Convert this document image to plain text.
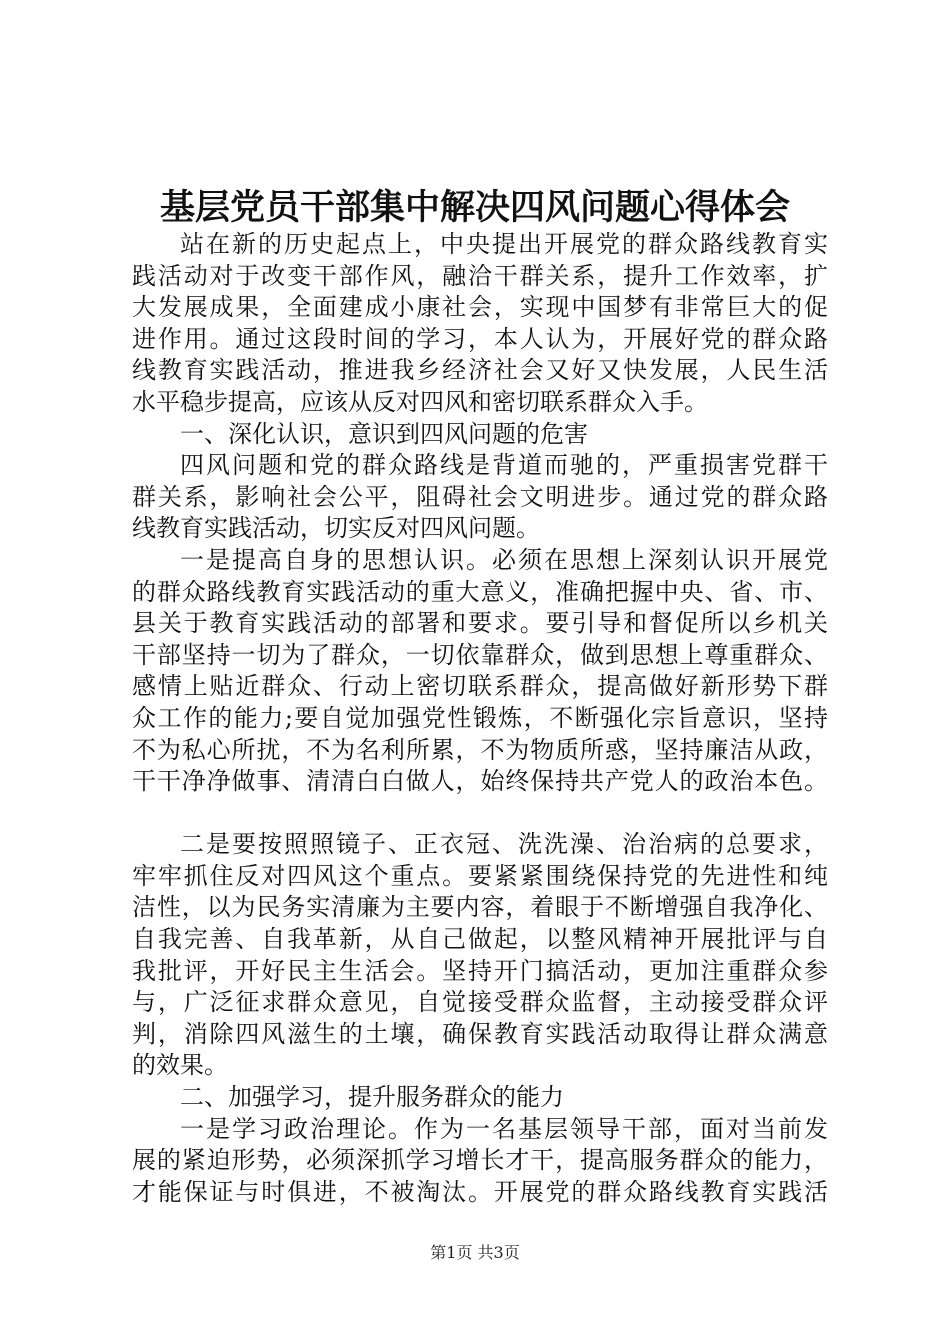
基层党员干部集中解决四风问题心得体会
站在新的历史起点上，中央提出开展党的群众路线教育实
践活动对于改变干部作风，融洽干群关系，提升工作效率，扩
大发展成果，全面建成小康社会，实现中国梦有非常巨大的促
进作用。通过这段时间的学习，本人认为，开展好党的群众路
线教育实践活动，推进我乡经济社会又好又快发展，人民生活
水平稳步提高，应该从反对四风和密切联系群众入手。
一、深化认识，意识到四风问题的危害
四风问题和党的群众路线是背道而驰的，严重损害党群干
群关系，影响社会公平，阻碍社会文明进步。通过党的群众路
线教育实践活动，切实反对四风问题。
一是提高自身的思想认识。必须在思想上深刻认识开展党
的群众路线教育实践活动的重大意义，准确把握中央、省、市、
县关于教育实践活动的部署和要求。要引导和督促所以乡机关
干部坚持一切为了群众，一切依靠群众，做到思想上尊重群众、
感情上贴近群众、行动上密切联系群众，提高做好新形势下群
众工作的能力;要自觉加强党性锻炼，不断强化宗旨意识，坚持
不为私心所扰，不为名利所累，不为物质所惑，坚持廉洁从政，
干干净净做事、清清白白做人，始终保持共产党人的政治本色。
二是要按照照镜子、正衣冠、洗洗澡、治治病的总要求，
牢牢抓住反对四风这个重点。要紧紧围绕保持党的先进性和纯
洁性，以为民务实清廉为主要内容，着眼于不断增强自我净化、
自我完善、自我革新，从自己做起，以整风精神开展批评与自
我批评，开好民主生活会。坚持开门搞活动，更加注重群众参
与，广泛征求群众意见，自觉接受群众监督，主动接受群众评
判，消除四风滋生的土壤，确保教育实践活动取得让群众满意
的效果。
二、加强学习，提升服务群众的能力
一是学习政治理论。作为一名基层领导干部，面对当前发
展的紧迫形势，必须深抓学习增长才干，提高服务群众的能力，
才能保证与时俱进，不被淘汰。开展党的群众路线教育实践活
第1页 共3页
